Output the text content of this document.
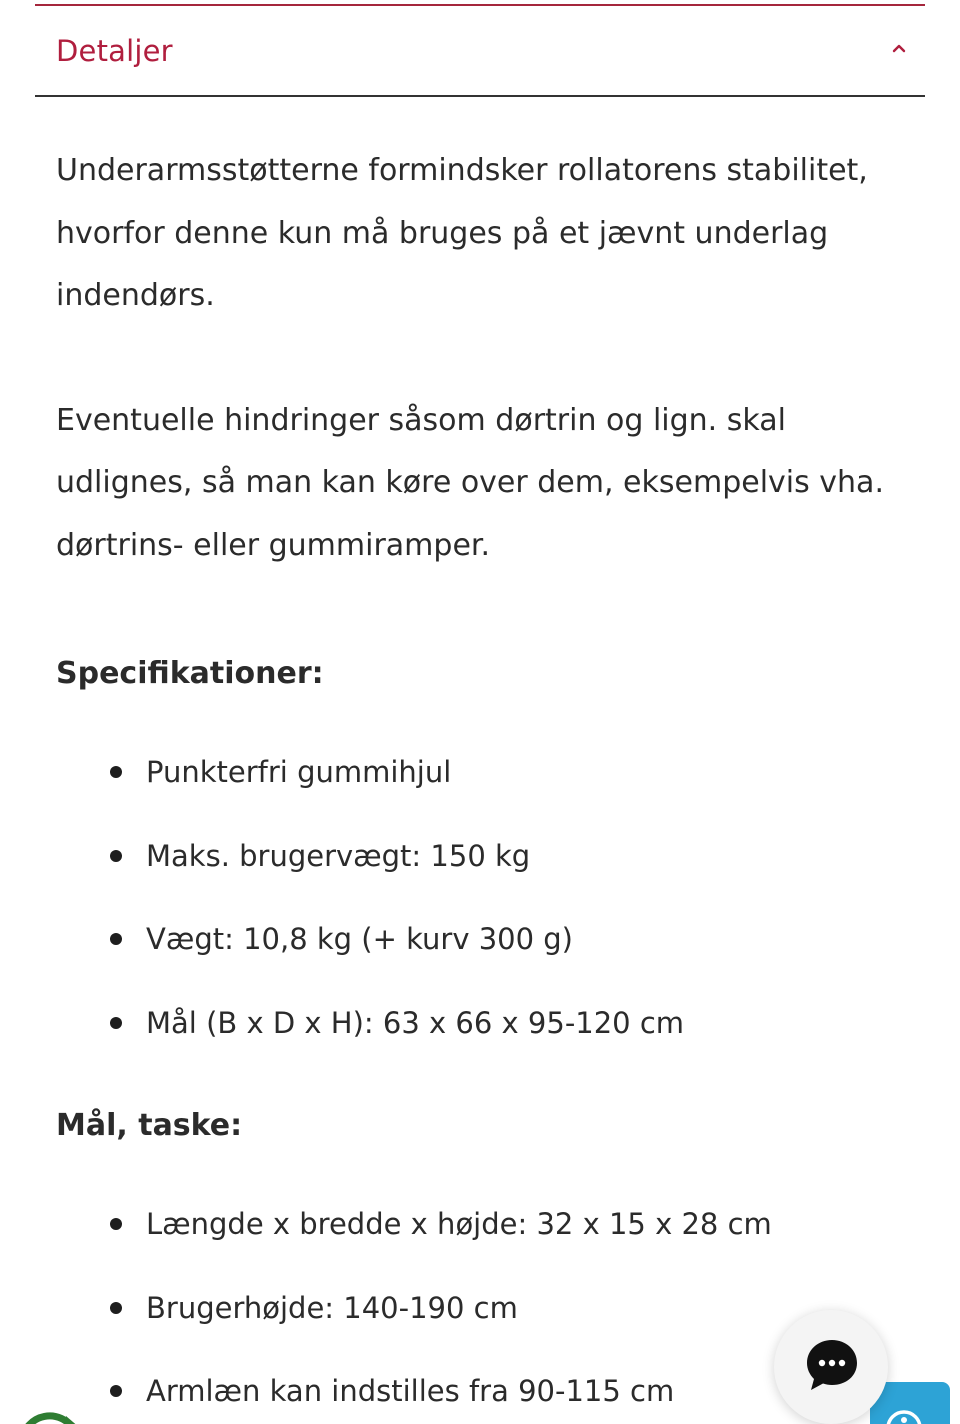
Detaljer

Underarmsstøtterne formindsker rollatorens stabilitet, hvorfor denne kun må bruges på et jævnt underlag indendørs.

Eventuelle hindringer såsom dørtrin og lign. skal udlignes, så man kan køre over dem, eksempelvis vha. dørtrins- eller gummiramper.

Specifikationer:
Punkterfri gummihjul
Maks. brugervægt: 150 kg
Vægt: 10,8 kg (+ kurv 300 g)
Mål (B x D x H): 63 x 66 x 95-120 cm
Mål, taske:
Længde x bredde x højde: 32 x 15 x 28 cm
Brugerhøjde: 140-190 cm
Armlæn kan indstilles fra 90-115 cm
